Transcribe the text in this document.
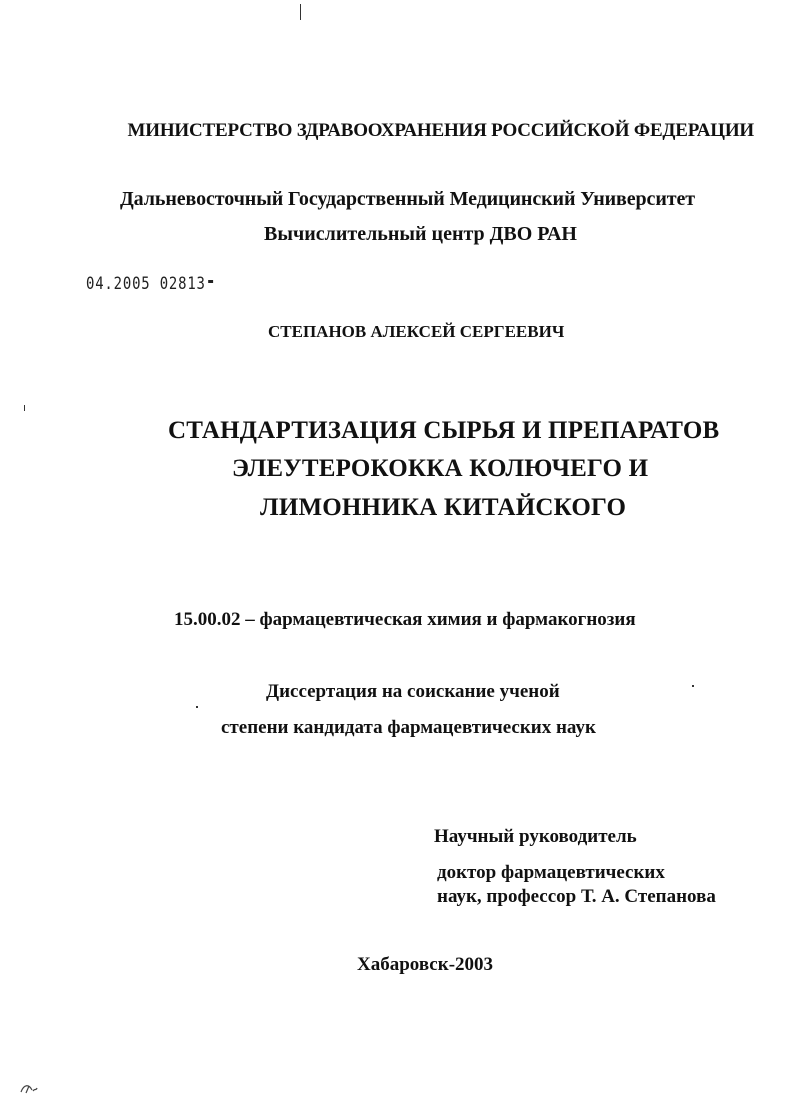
МИНИСТЕРСТВО ЗДРАВООХРАНЕНИЯ РОССИЙСКОЙ ФЕДЕРАЦИИ
Дальневосточный Государственный Медицинский Университет
Вычислительный центр ДВО РАН
04.2005 02813
СТЕПАНОВ АЛЕКСЕЙ СЕРГЕЕВИЧ
СТАНДАРТИЗАЦИЯ СЫРЬЯ И ПРЕПАРАТОВ
ЭЛЕУТЕРОКОККА КОЛЮЧЕГО И
ЛИМОННИКА КИТАЙСКОГО
15.00.02 – фармацевтическая химия и фармакогнозия
Диссертация на соискание ученой
степени кандидата фармацевтических наук
Научный руководитель
доктор фармацевтических
наук, профессор Т. А. Степанова
Хабаровск-2003
